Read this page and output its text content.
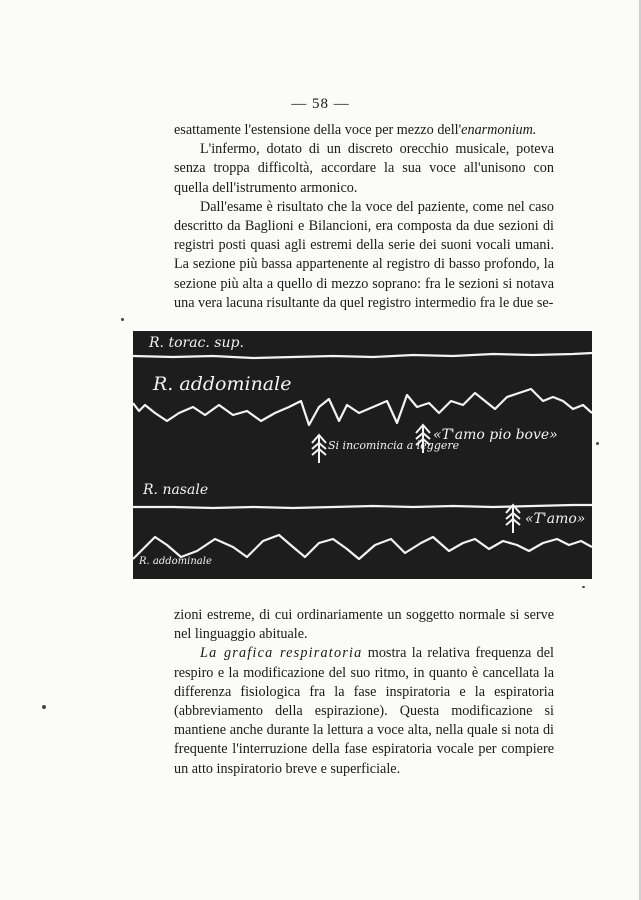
— 58 —

esattamente l'estensione della voce per mezzo dell'enarmonium.

L'infermo, dotato di un discreto orecchio musicale, poteva senza troppa difficoltà, accordare la sua voce all'unisono con quella dell'istrumento armonico.

Dall'esame è risultato che la voce del paziente, come nel caso descritto da Baglioni e Bilancioni, era composta da due sezioni di registri posti quasi agli estremi della serie dei suoni vocali umani. La sezione più bassa appartenente al registro di basso profondo, la sezione più alta a quello di mezzo soprano: fra le sezioni si notava una vera lacuna risultante da quel registro intermedio fra le due se-

R. torac. sup.
R. addominale
Si incomincia a leggere
«T'amo pio bove»
R. nasale
«T'amo»
R. addominale

zioni estreme, di cui ordinariamente un soggetto normale si serve nel linguaggio abituale.

La grafica respiratoria mostra la relativa frequenza del respiro e la modificazione del suo ritmo, in quanto è cancellata la differenza fisiologica fra la fase inspiratoria e la espiratoria (abbreviamento della espirazione). Questa modificazione si mantiene anche durante la lettura a voce alta, nella quale si nota di frequente l'interruzione della fase espiratoria vocale per compiere un atto inspiratorio breve e superficiale.
